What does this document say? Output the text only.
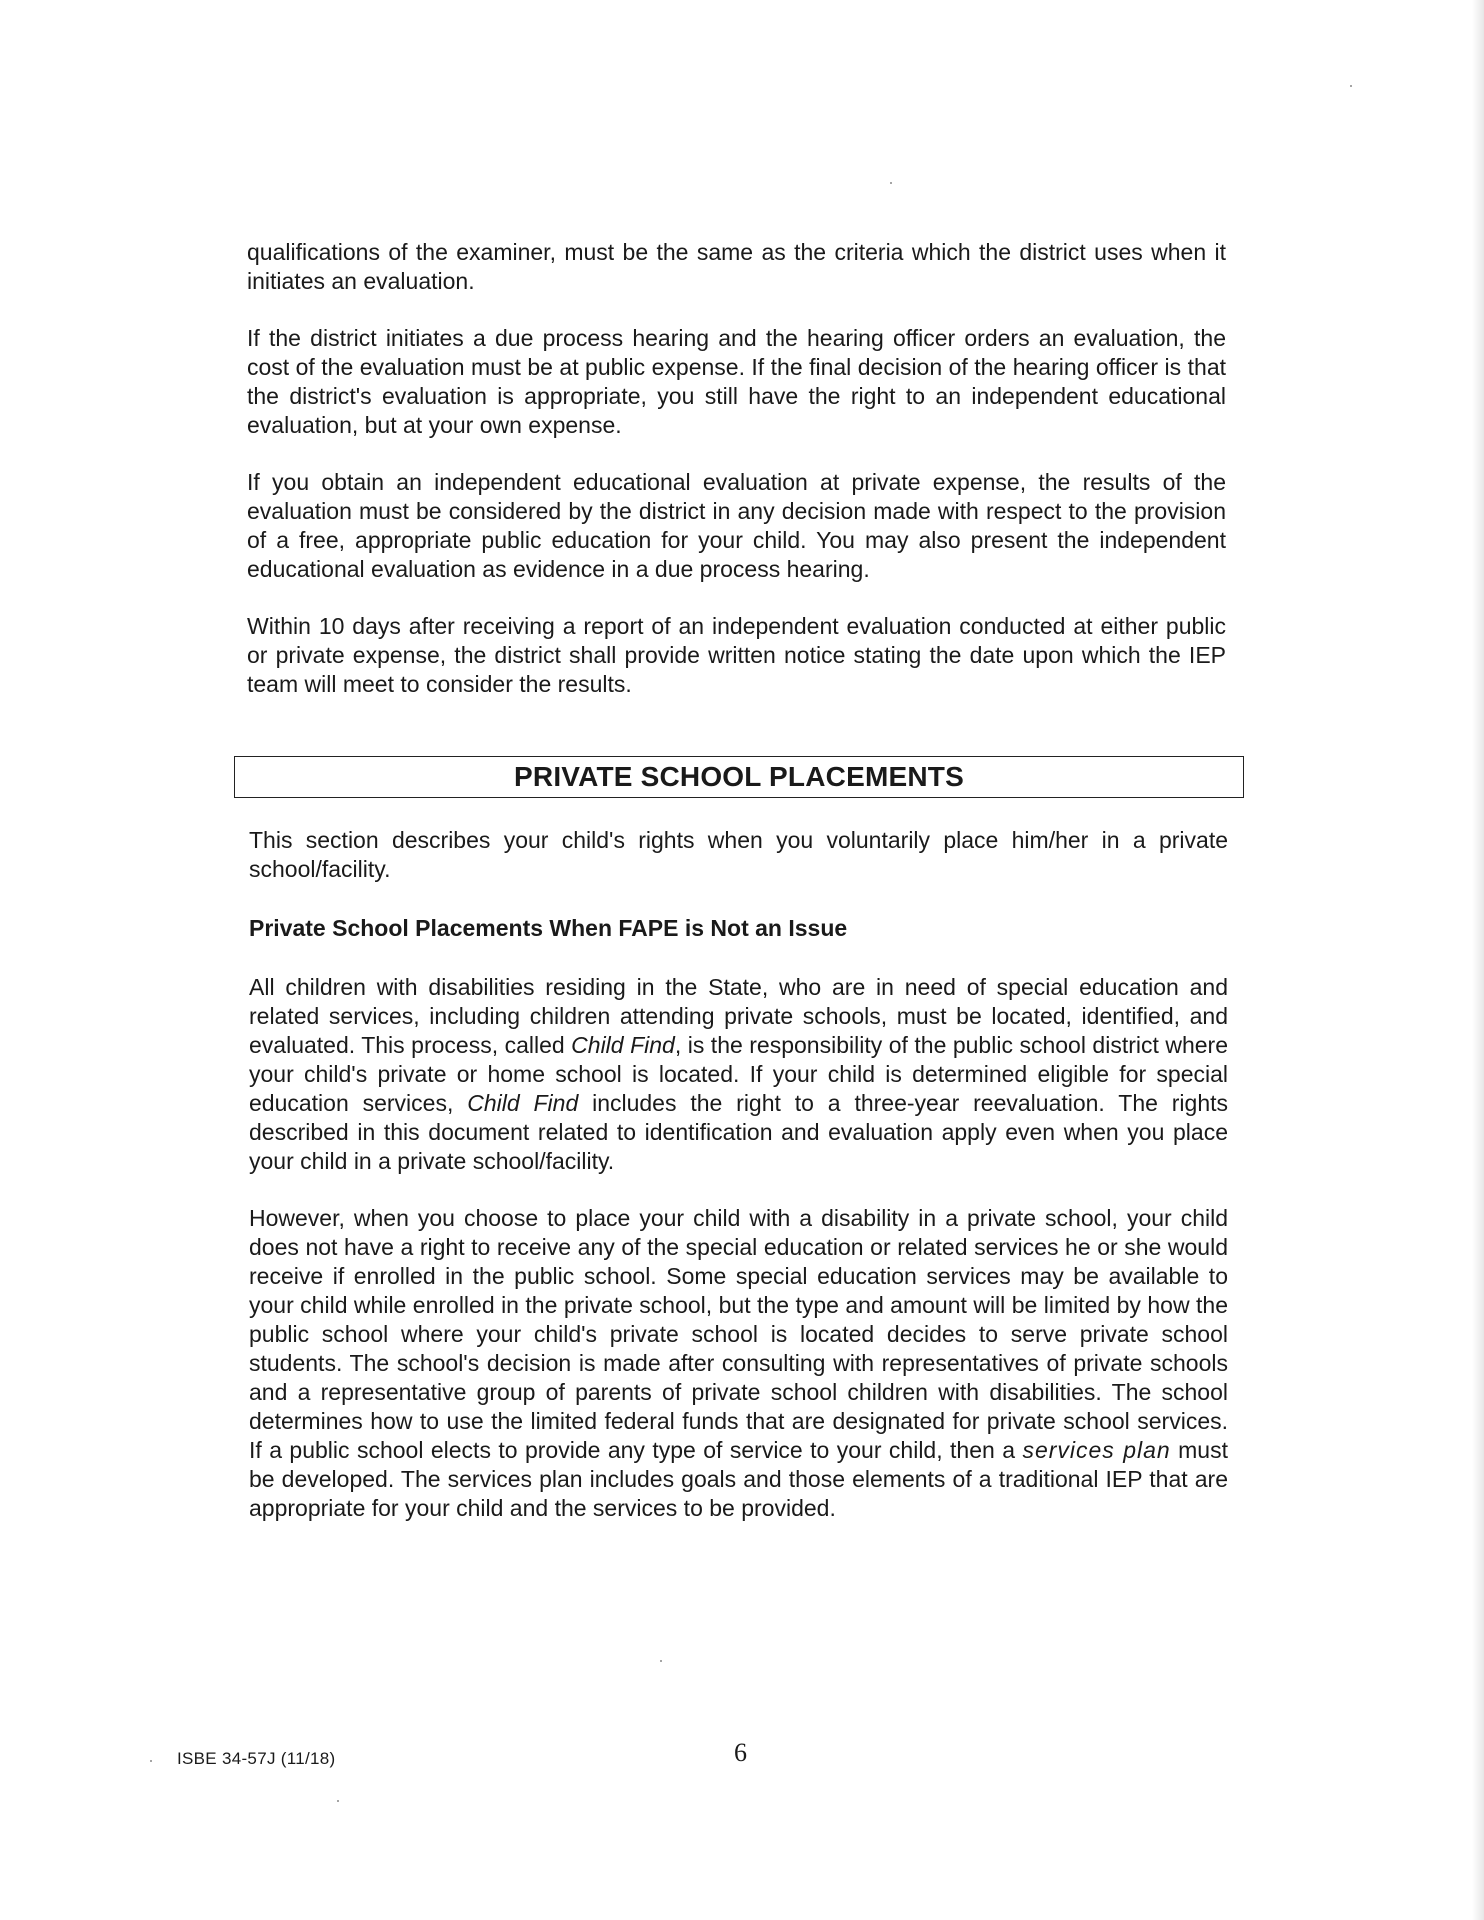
qualifications of the examiner, must be the same as the criteria which the district uses when it initiates an evaluation.

If the district initiates a due process hearing and the hearing officer orders an evaluation, the cost of the evaluation must be at public expense. If the final decision of the hearing officer is that the district's evaluation is appropriate, you still have the right to an independent educational evaluation, but at your own expense.

If you obtain an independent educational evaluation at private expense, the results of the evaluation must be considered by the district in any decision made with respect to the provision of a free, appropriate public education for your child. You may also present the independent educational evaluation as evidence in a due process hearing.

Within 10 days after receiving a report of an independent evaluation conducted at either public or private expense, the district shall provide written notice stating the date upon which the IEP team will meet to consider the results.

PRIVATE SCHOOL PLACEMENTS

This section describes your child's rights when you voluntarily place him/her in a private school/facility.

Private School Placements When FAPE is Not an Issue

All children with disabilities residing in the State, who are in need of special education and related services, including children attending private schools, must be located, identified, and evaluated. This process, called Child Find, is the responsibility of the public school district where your child's private or home school is located. If your child is determined eligible for special education services, Child Find includes the right to a three-year reevaluation. The rights described in this document related to identification and evaluation apply even when you place your child in a private school/facility.

However, when you choose to place your child with a disability in a private school, your child does not have a right to receive any of the special education or related services he or she would receive if enrolled in the public school. Some special education services may be available to your child while enrolled in the private school, but the type and amount will be limited by how the public school where your child's private school is located decides to serve private school students. The school's decision is made after consulting with representatives of private schools and a representative group of parents of private school children with disabilities. The school determines how to use the limited federal funds that are designated for private school services. If a public school elects to provide any type of service to your child, then a services plan must be developed. The services plan includes goals and those elements of a traditional IEP that are appropriate for your child and the services to be provided.

ISBE 34-57J (11/18)	6
